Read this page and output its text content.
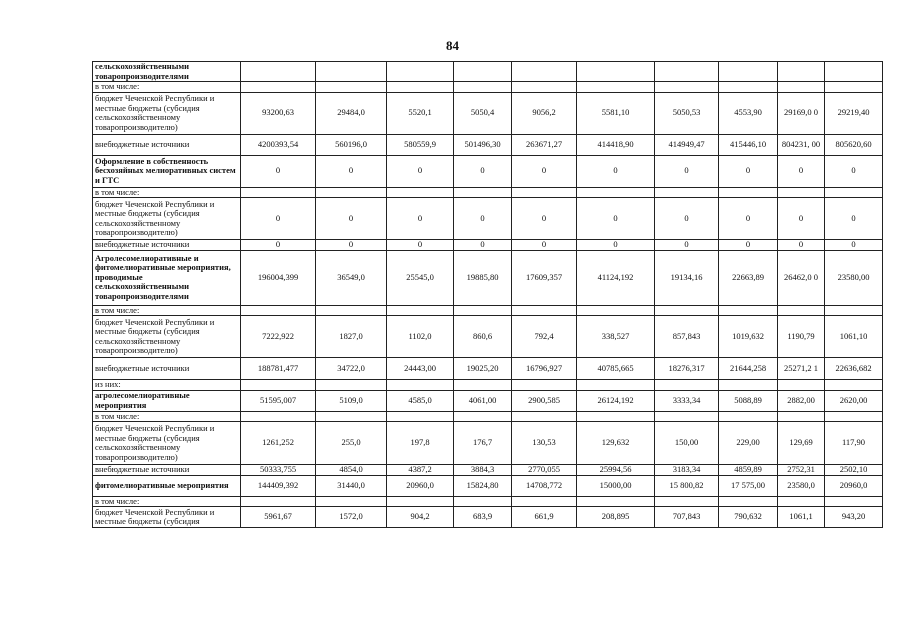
84
сельскохозяйственными товаропроизводителями										
в том числе:										
бюджет Чеченской Республики и местные бюджеты (субсидия сельскохозяйственному товаропроизводителю)	93200,63	29484,0	5520,1	5050,4	9056,2	5581,10	5050,53	4553,90	29169,0 0	29219,40
внебюджетные источники	4200393,54	560196,0	580559,9	501496,30	263671,27	414418,90	414949,47	415446,10	804231, 00	805620,60
Оформление в собственность бесхозяйных мелиоративных систем и ГТС	0	0	0	0	0	0	0	0	0	0
в том числе:										
бюджет Чеченской Республики и местные бюджеты (субсидия сельскохозяйственному товаропроизводителю)	0	0	0	0	0	0	0	0	0	0
внебюджетные источники	0	0	0	0	0	0	0	0	0	0
Агролесомелиоративные и фитомелиоративные мероприятия, проводимые сельскохозяйственными товаропроизводителями	196004,399	36549,0	25545,0	19885,80	17609,357	41124,192	19134,16	22663,89	26462,0 0	23580,00
в том числе:										
бюджет Чеченской Республики и местные бюджеты (субсидия сельскохозяйственному товаропроизводителю)	7222,922	1827,0	1102,0	860,6	792,4	338,527	857,843	1019,632	1190,79	1061,10
внебюджетные источники	188781,477	34722,0	24443,00	19025,20	16796,927	40785,665	18276,317	21644,258	25271,2 1	22636,682
из них:										
агролесомелиоративные мероприятия	51595,007	5109,0	4585,0	4061,00	2900,585	26124,192	3333,34	5088,89	2882,00	2620,00
в том числе:										
бюджет Чеченской Республики и местные бюджеты (субсидия сельскохозяйственному товаропроизводителю)	1261,252	255,0	197,8	176,7	130,53	129,632	150,00	229,00	129,69	117,90
внебюджетные источники	50333,755	4854,0	4387,2	3884,3	2770,055	25994,56	3183,34	4859,89	2752,31	2502,10
фитомелиоративные мероприятия	144409,392	31440,0	20960,0	15824,80	14708,772	15000,00	15 800,82	17 575,00	23580,0	20960,0
в том числе:										
бюджет Чеченской Республики и местные бюджеты (субсидия	5961,67	1572,0	904,2	683,9	661,9	208,895	707,843	790,632	1061,1	943,20
